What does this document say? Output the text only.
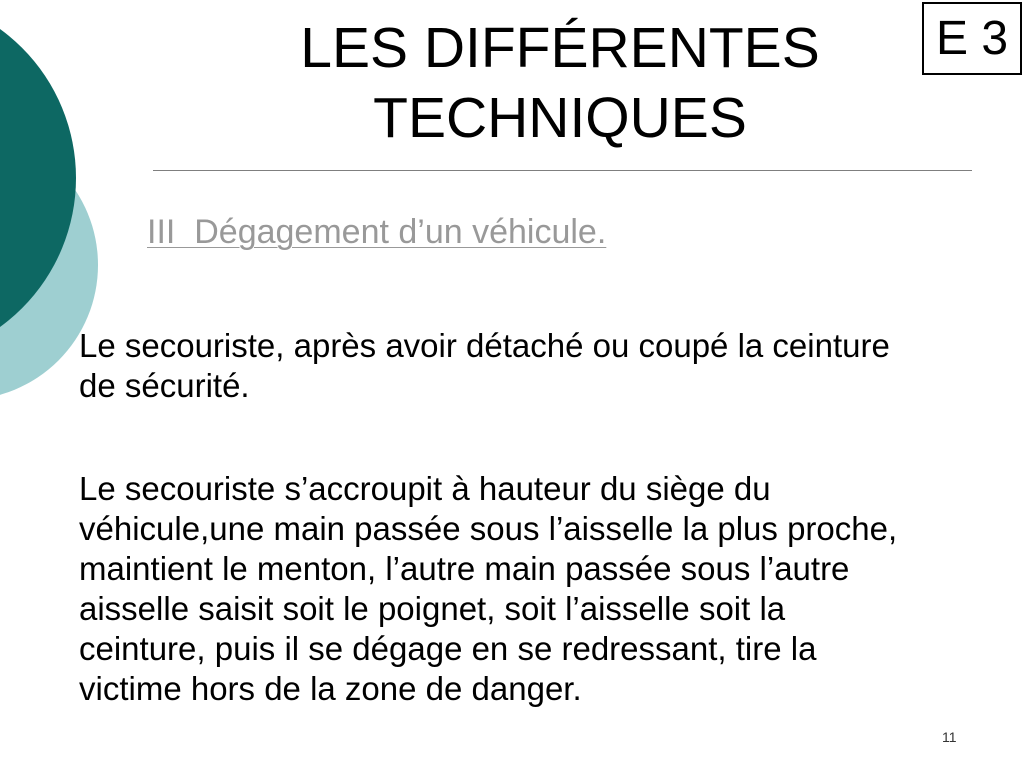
LES DIFFÉRENTES
TECHNIQUES
E 3
III  Dégagement d’un véhicule.
Le secouriste, après avoir détaché ou coupé la ceinture
de sécurité.
Le secouriste s’accroupit à hauteur du siège du
véhicule,une main passée sous l’aisselle la plus proche,
maintient le menton, l’autre main passée sous l’autre
aisselle saisit soit le poignet, soit l’aisselle soit la
ceinture, puis il se dégage en se redressant, tire la
victime hors de la zone de danger.
11
